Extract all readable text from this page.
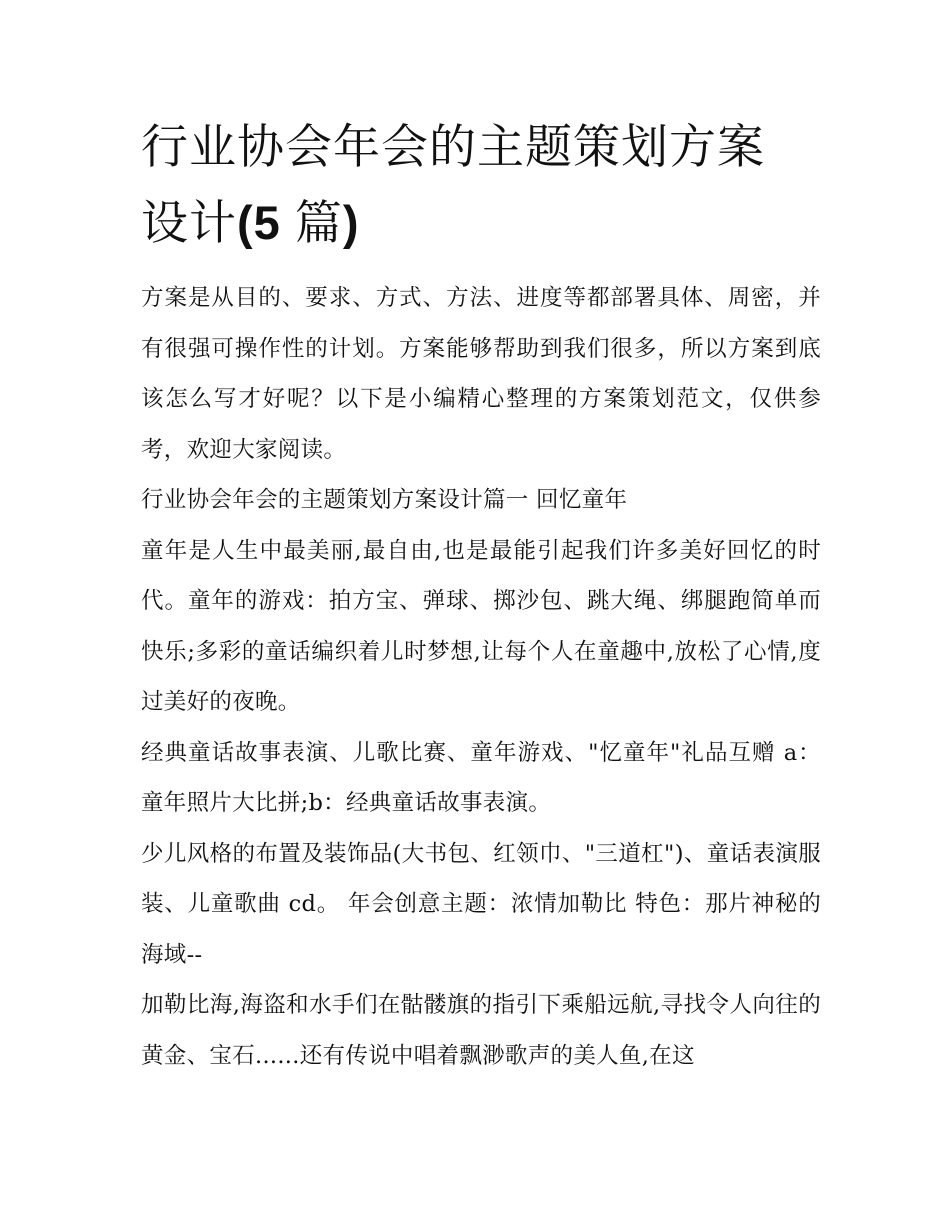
行业协会年会的主题策划方案
设计(5 篇)

方案是从目的、要求、方式、方法、进度等都部署具体、周密，并有很强可操作性的计划。方案能够帮助到我们很多，所以方案到底该怎么写才好呢？以下是小编精心整理的方案策划范文，仅供参考，欢迎大家阅读。

行业协会年会的主题策划方案设计篇一 回忆童年

童年是人生中最美丽,最自由,也是最能引起我们许多美好回忆的时代。童年的游戏：拍方宝、弹球、掷沙包、跳大绳、绑腿跑简单而快乐;多彩的童话编织着儿时梦想,让每个人在童趣中,放松了心情,度过美好的夜晚。

经典童话故事表演、儿歌比赛、童年游戏、"忆童年"礼品互赠 a：童年照片大比拼;b：经典童话故事表演。

少儿风格的布置及装饰品(大书包、红领巾、"三道杠")、童话表演服装、儿童歌曲 cd。 年会创意主题：浓情加勒比 特色：那片神秘的海域--

加勒比海,海盗和水手们在骷髅旗的指引下乘船远航,寻找令人向往的黄金、宝石......还有传说中唱着飘渺歌声的美人鱼,在这
